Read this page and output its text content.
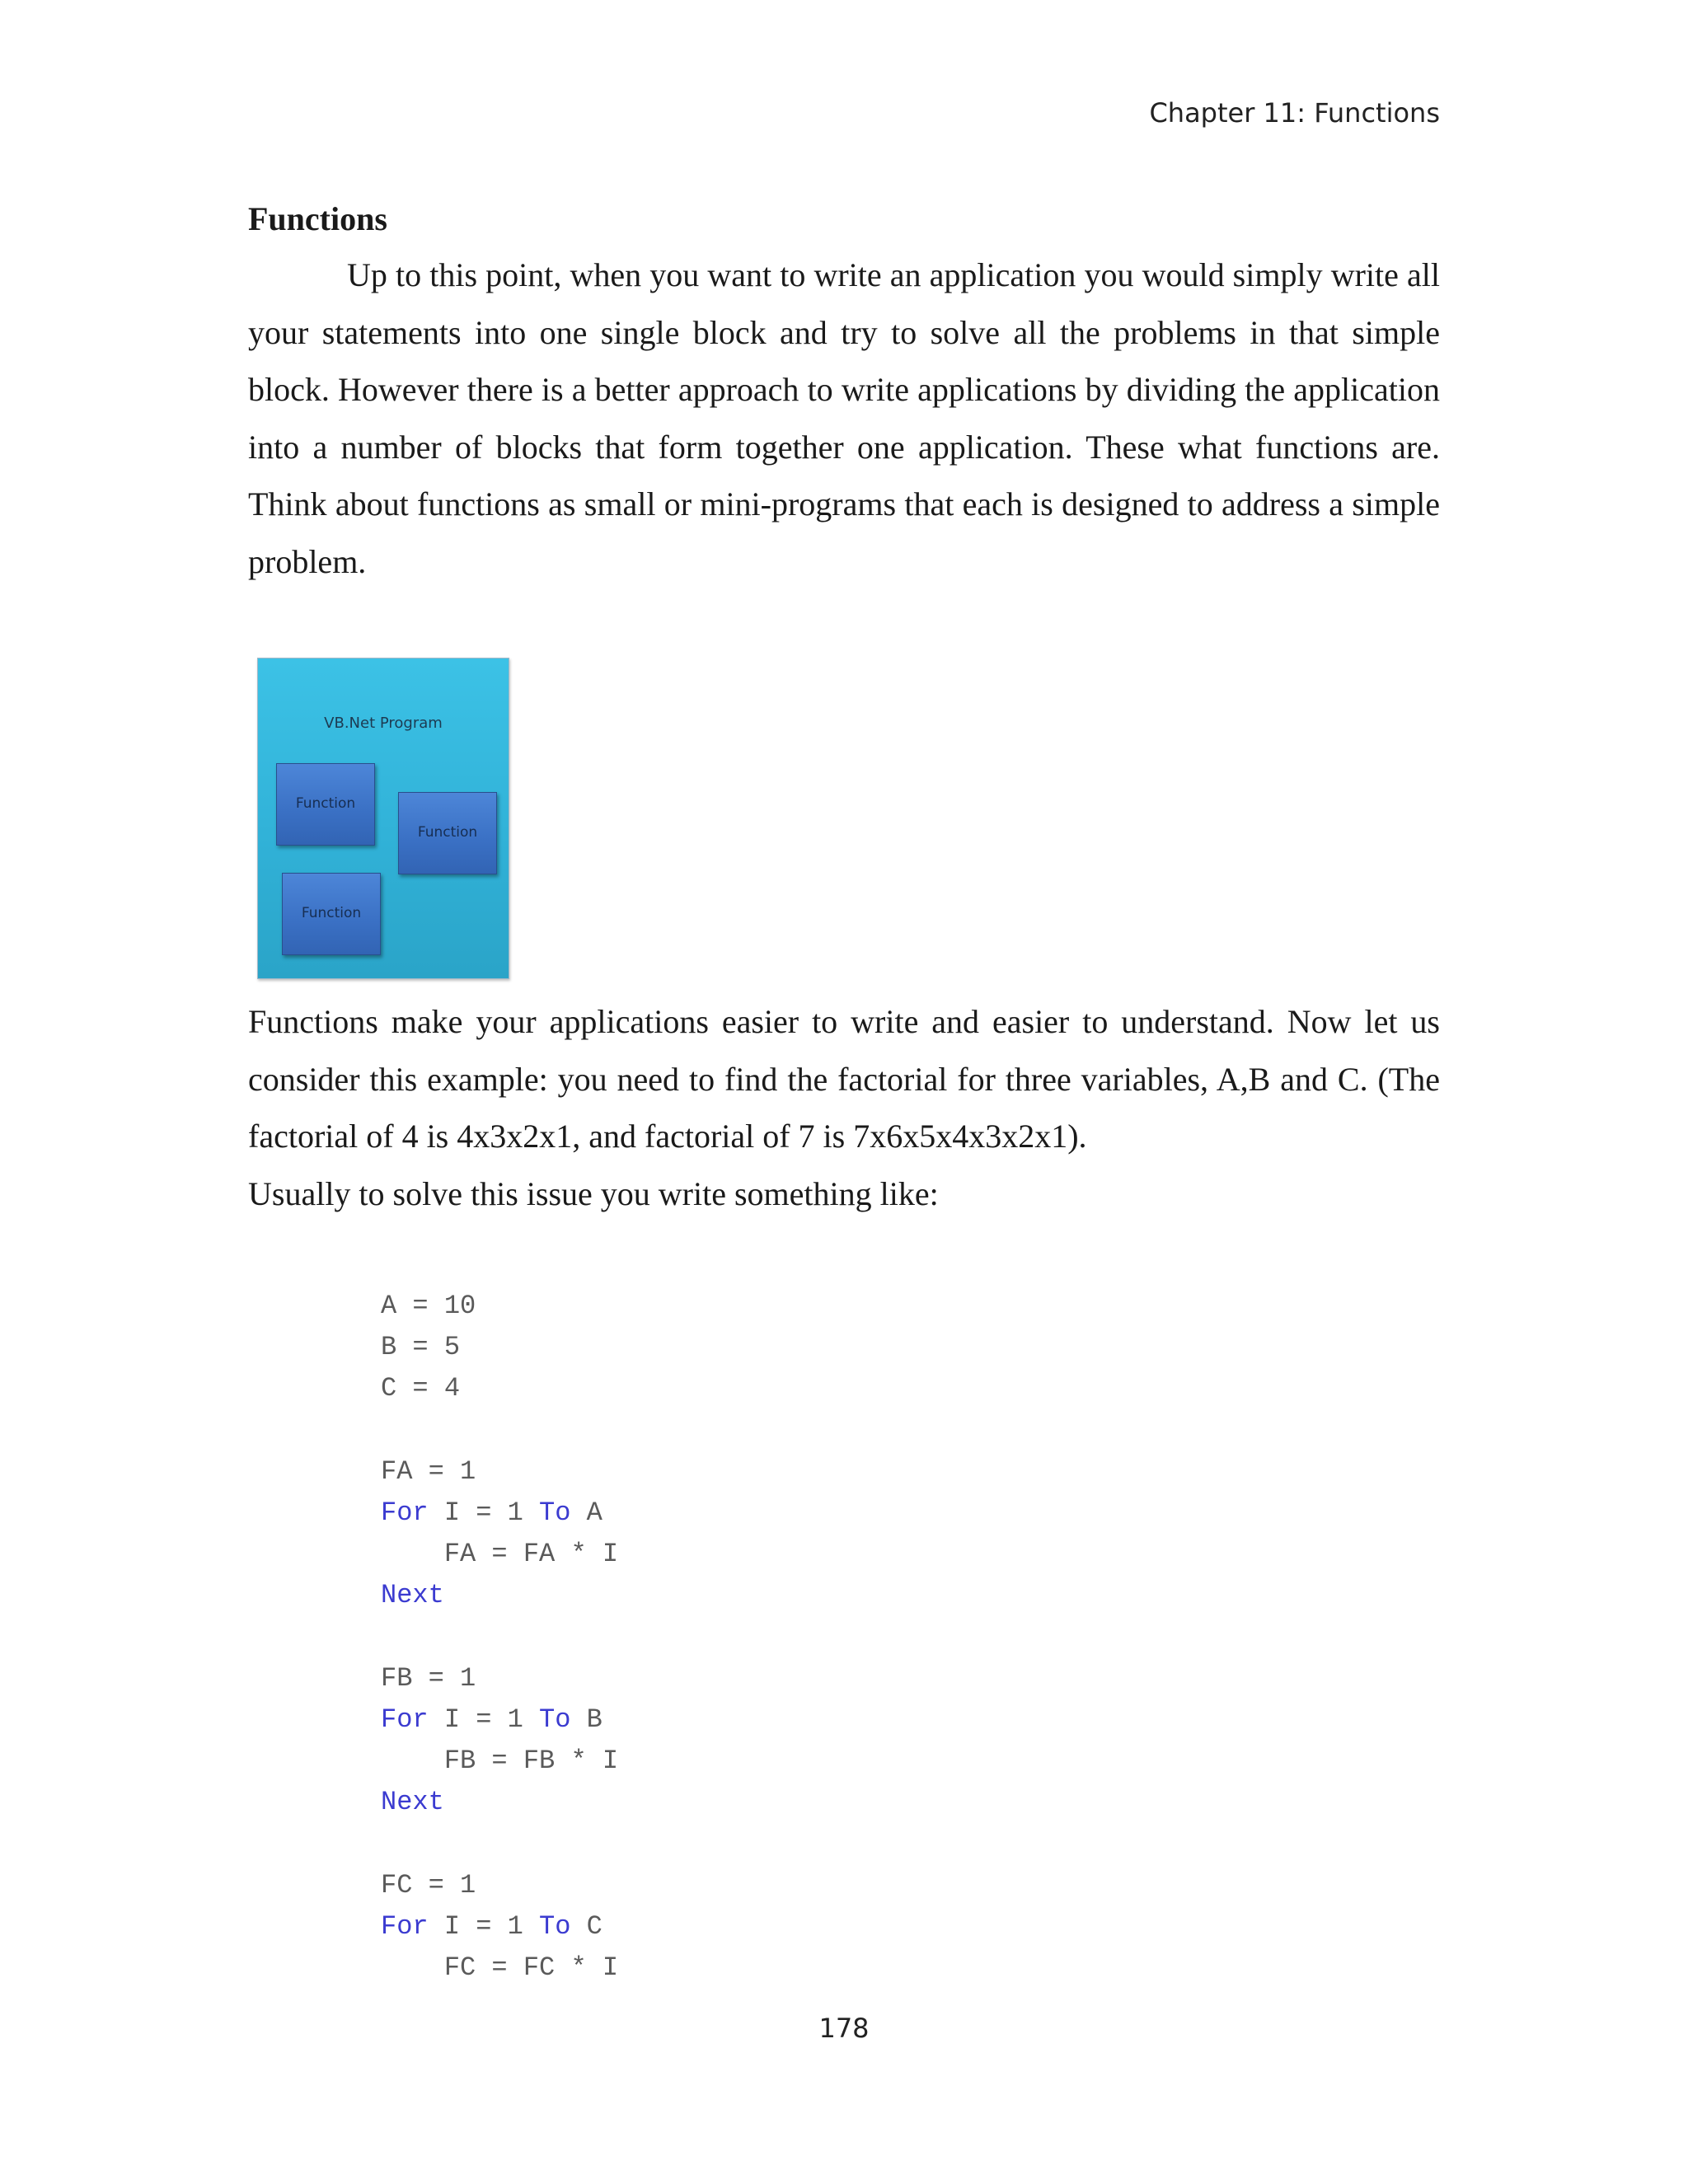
Chapter 11: Functions
Functions

Up to this point, when you want to write an application you would simply write all your statements into one single block and try to solve all the problems in that simple block. However there is a better approach to write applications by dividing the application into a number of blocks that form together one application. These what functions are. Think about functions as small or mini-programs that each is designed to address a simple problem.

VB.Net Program
Function
Function
Function

Functions make your applications easier to write and easier to understand. Now let us consider this example: you need to find the factorial for three variables, A,B and C. (The factorial of 4 is 4x3x2x1, and factorial of 7 is 7x6x5x4x3x2x1).

Usually to solve this issue you write something like:

A = 10
B = 5
C = 4
FA = 1
For I = 1 To A
FA = FA * I
Next
FB = 1
For I = 1 To B
FB = FB * I
Next
FC = 1
For I = 1 To C
FC = FC * I
178
